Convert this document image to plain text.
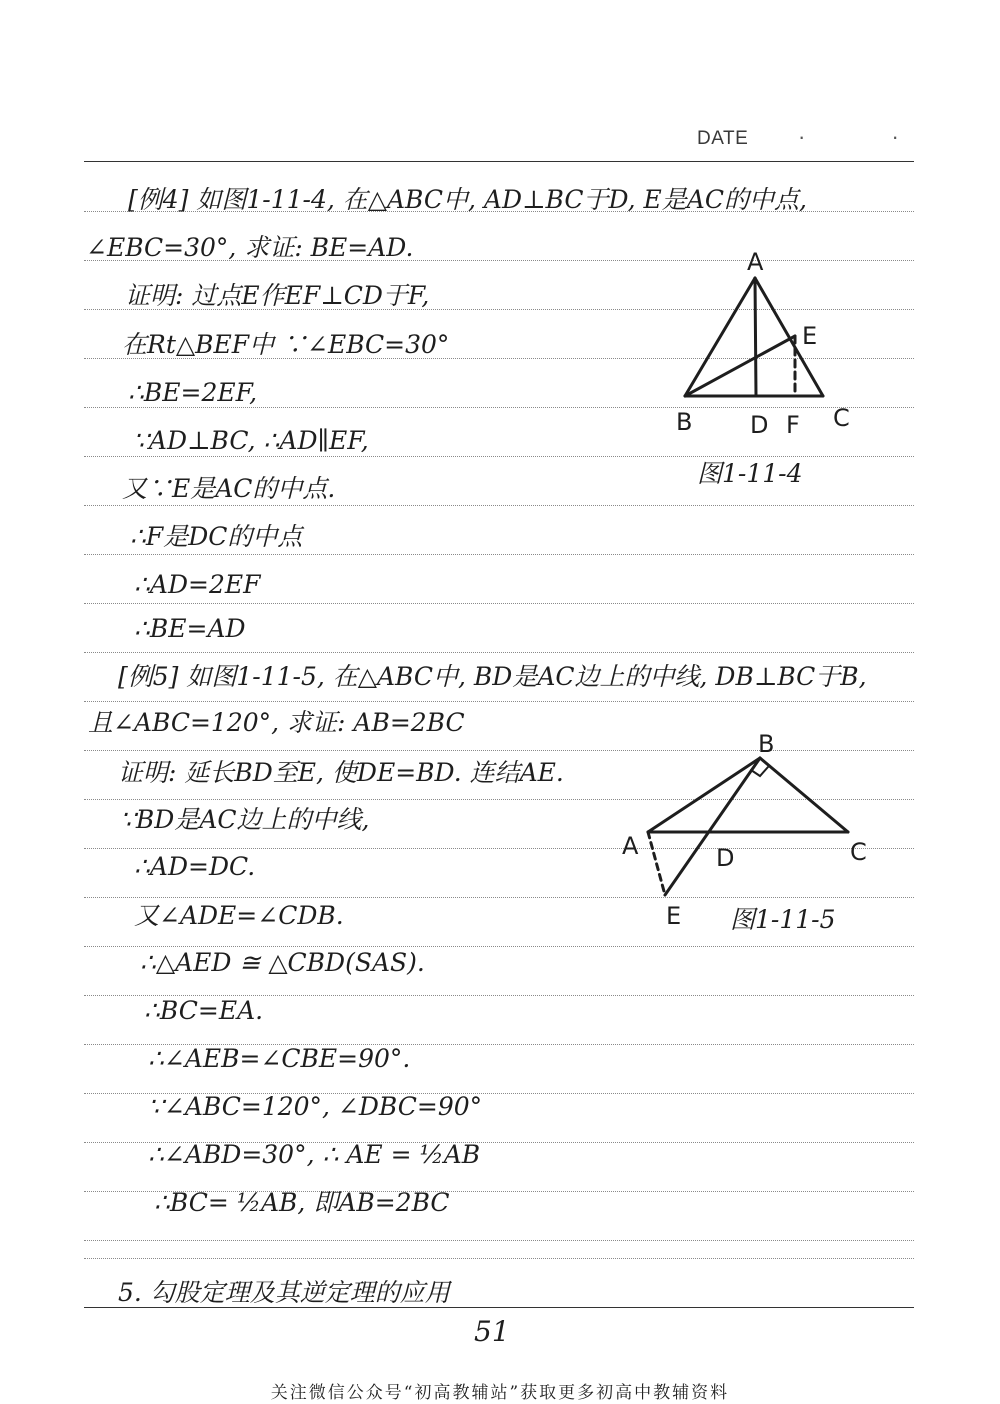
DATE · ·
[例4] 如图1-11-4, 在△ABC中, AD⊥BC于D, E是AC的中点,
∠EBC=30°, 求证: BE=AD.
证明: 过点E作EF⊥CD于F,
在Rt△BEF中 ∵∠EBC=30°
∴BE=2EF,
∵AD⊥BC, ∴AD∥EF,
又∵E是AC的中点.
∴F是DC的中点
∴AD=2EF
∴BE=AD
A
E
B D F C
图1-11-4
[例5] 如图1-11-5, 在△ABC中, BD是AC边上的中线, DB⊥BC于B,
且∠ABC=120°, 求证: AB=2BC
证明: 延长BD至E, 使DE=BD. 连结AE.
∵BD是AC边上的中线,
∴AD=DC.
又∠ADE=∠CDB.
∴△AED ≅ △CBD(SAS).
∴BC=EA.
∴∠AEB=∠CBE=90°.
∵∠ABC=120°, ∠DBC=90°
∴∠ABD=30°, ∴ AE = ½AB
∴BC= ½AB, 即AB=2BC
B
A	D	C
E 图1-11-5
5. 勾股定理及其逆定理的应用
51
关注微信公众号“初高教辅站”获取更多初高中教辅资料
